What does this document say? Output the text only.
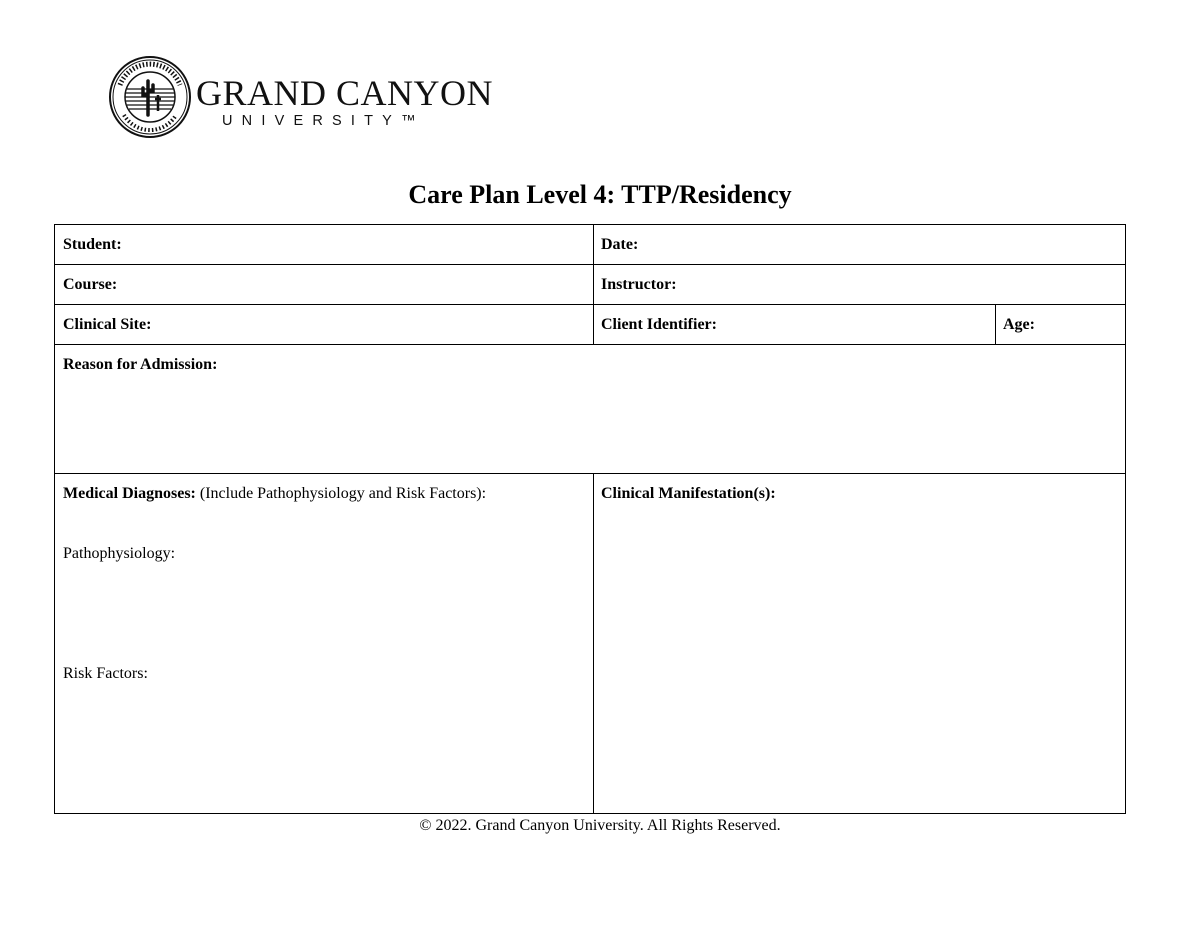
GRAND CANYON
UNIVERSITY™
Care Plan Level 4: TTP/Residency
Student:	Date:
Course:	Instructor:
Clinical Site:	Client Identifier:	Age:
Reason for Admission:
Medical Diagnoses: (Include Pathophysiology and Risk Factors):
Pathophysiology:
Risk Factors:
Clinical Manifestation(s):
© 2022. Grand Canyon University. All Rights Reserved.
